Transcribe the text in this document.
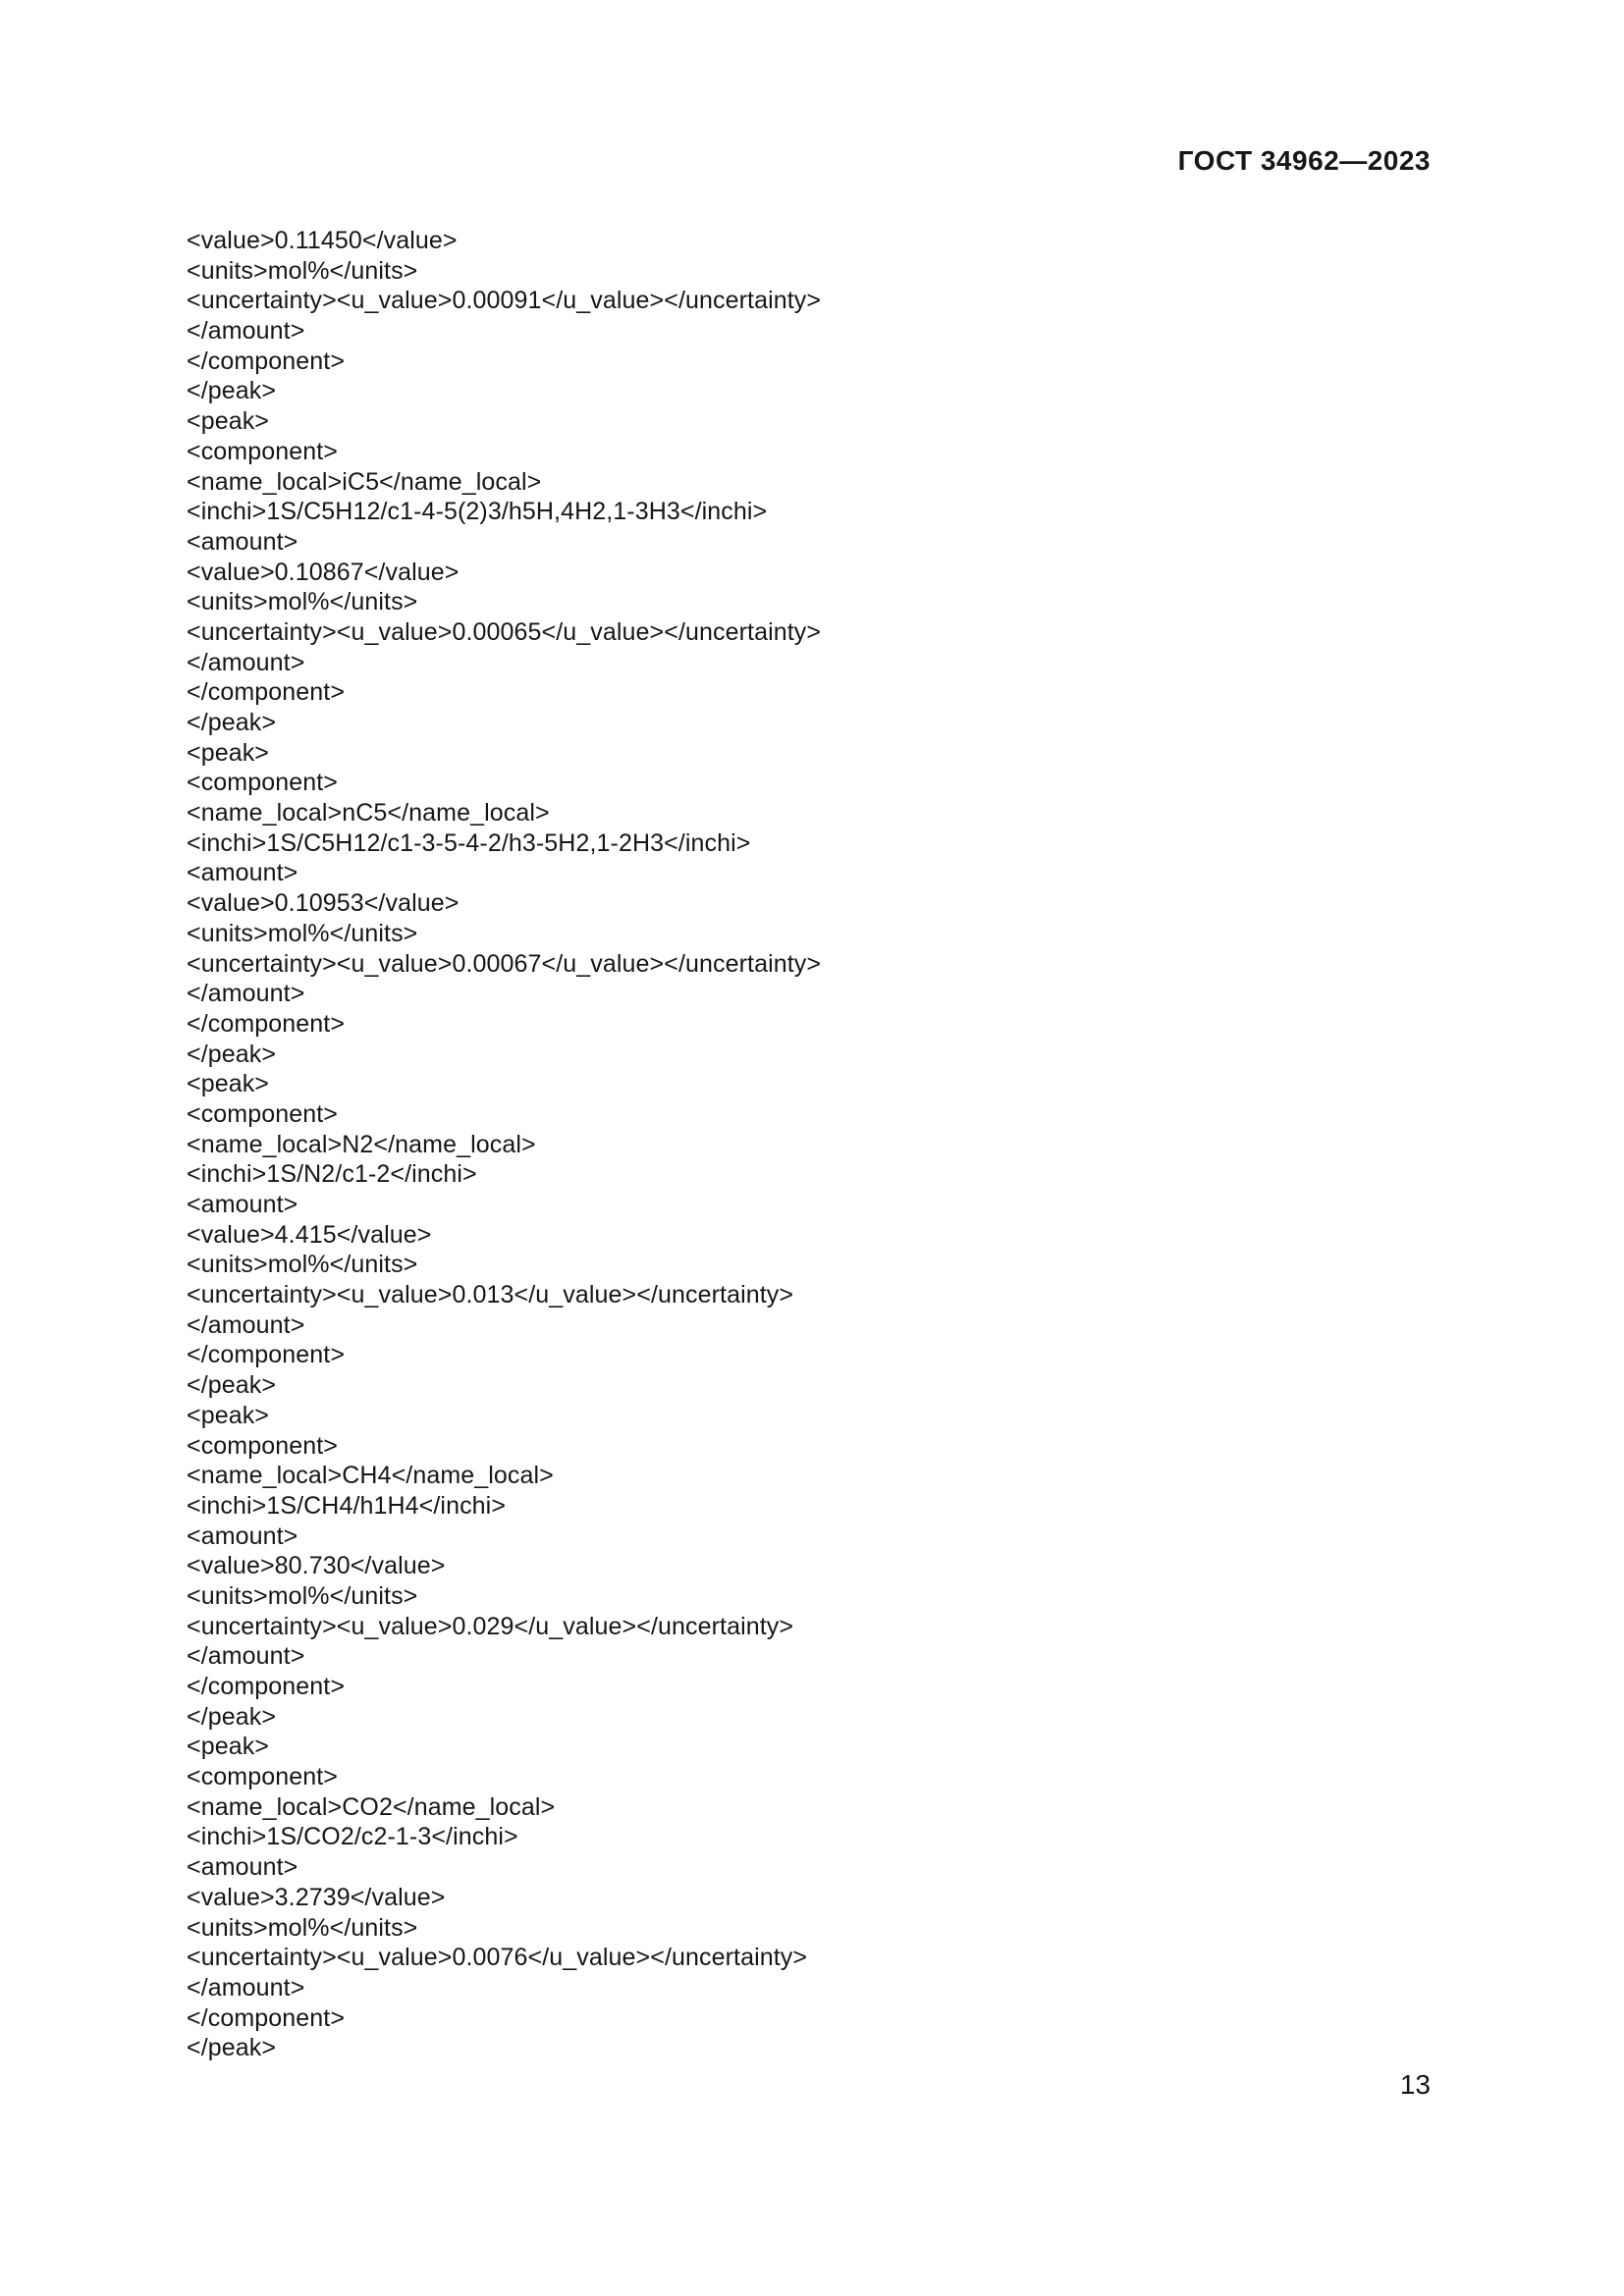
ГОСТ 34962—2023
<value>0.11450</value>
<units>mol%</units>
<uncertainty><u_value>0.00091</u_value></uncertainty>
</amount>
</component>
</peak>
<peak>
<component>
<name_local>iC5</name_local>
<inchi>1S/C5H12/c1-4-5(2)3/h5H,4H2,1-3H3</inchi>
<amount>
<value>0.10867</value>
<units>mol%</units>
<uncertainty><u_value>0.00065</u_value></uncertainty>
</amount>
</component>
</peak>
<peak>
<component>
<name_local>nC5</name_local>
<inchi>1S/C5H12/c1-3-5-4-2/h3-5H2,1-2H3</inchi>
<amount>
<value>0.10953</value>
<units>mol%</units>
<uncertainty><u_value>0.00067</u_value></uncertainty>
</amount>
</component>
</peak>
<peak>
<component>
<name_local>N2</name_local>
<inchi>1S/N2/c1-2</inchi>
<amount>
<value>4.415</value>
<units>mol%</units>
<uncertainty><u_value>0.013</u_value></uncertainty>
</amount>
</component>
</peak>
<peak>
<component>
<name_local>CH4</name_local>
<inchi>1S/CH4/h1H4</inchi>
<amount>
<value>80.730</value>
<units>mol%</units>
<uncertainty><u_value>0.029</u_value></uncertainty>
</amount>
</component>
</peak>
<peak>
<component>
<name_local>CO2</name_local>
<inchi>1S/CO2/c2-1-3</inchi>
<amount>
<value>3.2739</value>
<units>mol%</units>
<uncertainty><u_value>0.0076</u_value></uncertainty>
</amount>
</component>
</peak>
13
